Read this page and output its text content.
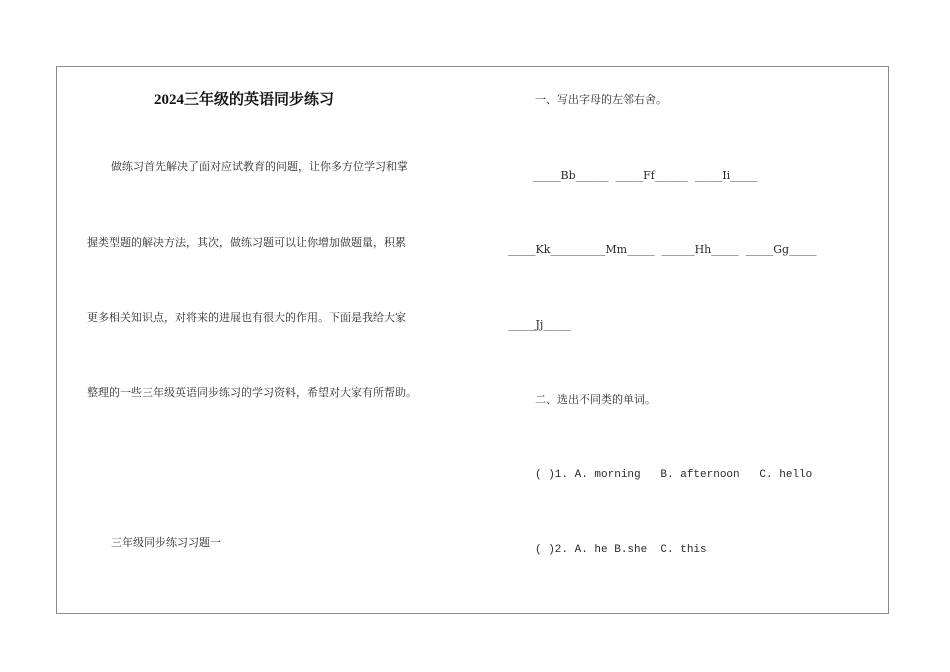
2024三年级的英语同步练习
做练习首先解决了面对应试教育的问题，让你多方位学习和掌
握类型题的解决方法，其次，做练习题可以让你增加做题量，积累
更多相关知识点，对将来的进展也有很大的作用。下面是我给大家
整理的一些三年级英语同步练习的学习资料，希望对大家有所帮助。
三年级同步练习习题一
一、写出字母的左邻右舍。
_____Bb______  _____Ff______  _____Ii_____
_____Kk__________Mm_____  ______Hh_____  _____Gg_____
_____Jj_____
二、选出不同类的单词。
( )1. A. morning   B. afternoon   C. hello
( )2. A. he B.she  C. this
